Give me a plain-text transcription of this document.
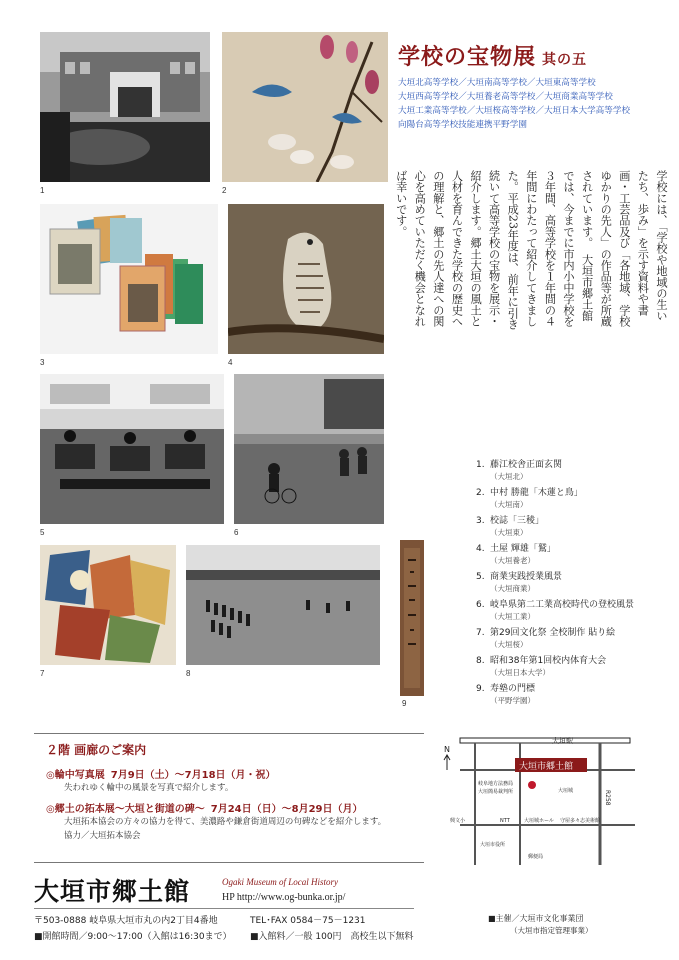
学校の宝物展 其の五
大垣北高等学校／大垣南高等学校／大垣東高等学校
大垣西高等学校／大垣養老高等学校／大垣商業高等学校
大垣工業高等学校／大垣桜高等学校／大垣日本大学高等学校
向陽台高等学校技能連携平野学園
学校には、「学校や地域の生いたち、歩み」を示す資料や書画・工芸品及び「各地域、学校ゆかりの先人」の作品等が所蔵されています。　大垣市郷土館では、今までに市内小中学校を３年間、高等学校を１年間の４年間にわたって紹介してきました。平成23年度は、前年に引き続いて高等学校の宝物を展示・紹介します。郷土大垣の風土と人材を育んできた学校の歴史への理解と、郷土の先人達への関心を高めていただく機会となれば幸いです。
1	2
3	4
5	6
7	8
9
1. 藤江校舎正面玄関
（大垣北）
2. 中村 勝龍「木蓮と鳥」
（大垣南）
3. 校誌「三稜」
（大垣東）
4. 土屋 輝雄「鷲」
（大垣養老）
5. 商業実践授業風景
（大垣商業）
6. 岐阜県第二工業高校時代の登校風景
（大垣工業）
7. 第29回文化祭 全校制作 貼り絵
（大垣桜）
8. 昭和38年第1回校内体育大会
（大垣日本大学）
9. 寿塾の門標
（平野学園）
２階 画廊のご案内
◎輪中写真展 7月9日（土）～7月18日（月・祝）
失われゆく輪中の風景を写真で紹介します。
◎郷土の拓本展～大垣と街道の碑～ 7月24日（日）～8月29日（月）
大垣拓本協会の方々の協力を得て、美濃路や鎌倉街道周辺の句碑などを紹介します。
協力／大垣拓本協会
N
大垣駅
R258
大垣市郷土館
岐阜地方法務局
大垣簡易裁判所	大垣城
興文小	NTT	大垣城ホール 守屋多々志美術館
大垣市役所
郵便局
大垣市郷土館	Ogaki Museum of Local History
HP http://www.og-bunka.or.jp/
〒503-0888 岐阜県大垣市丸の内2丁目4番地	TEL･FAX 0584－75－1231
■開館時間／9:00～17:00（入館は16:30まで） ■入館料／一般 100円　高校生以下無料
■主催／大垣市文化事業団
（大垣市指定管理事業）
